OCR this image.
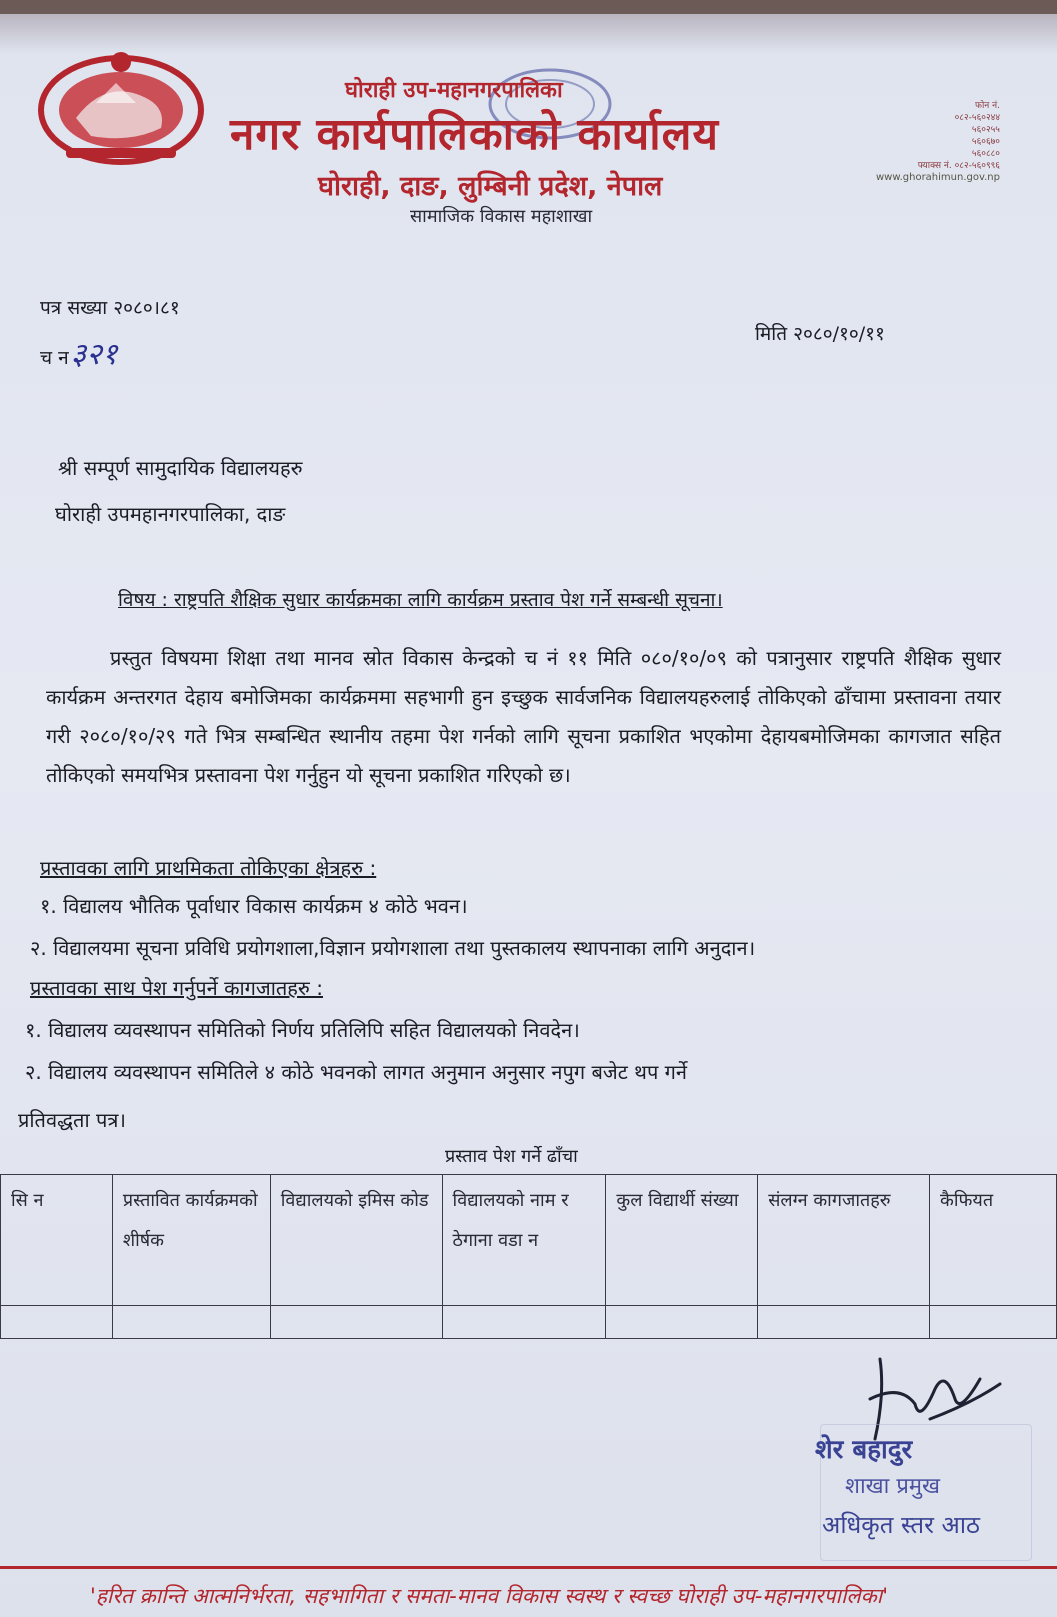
घोराही उप-महानगरपालिका
नगर कार्यपालिकाको कार्यालय
घोराही, दाङ, लुम्बिनी प्रदेश, नेपाल
सामाजिक विकास महाशाखा
फोन नं.
०८२-५६०२४४
५६०२५५
५६०६७०
५६०८८०
फ्याक्स नं. ०८२-५६०९९६
www.ghorahimun.gov.np
पत्र सख्या २०८०।८१
च न३२१
मिति २०८०/१०/११
श्री सम्पूर्ण सामुदायिक विद्यालयहरु
घोराही उपमहानगरपालिका, दाङ
विषय : राष्ट्रपति शैक्षिक सुधार कार्यक्रमका लागि कार्यक्रम प्रस्ताव पेश गर्ने सम्बन्धी सूचना।
प्रस्तुत विषयमा शिक्षा तथा मानव स्रोत विकास केन्द्रको च नं ११ मिति ०८०/१०/०९ को पत्रानुसार राष्ट्रपति शैक्षिक सुधार कार्यक्रम अन्तरगत देहाय बमोजिमका कार्यक्रममा सहभागी हुन इच्छुक सार्वजनिक विद्यालयहरुलाई तोकिएको ढाँचामा प्रस्तावना तयार गरी २०८०/१०/२९ गते भित्र सम्बन्धित स्थानीय तहमा पेश गर्नको लागि सूचना प्रकाशित भएकोमा देहायबमोजिमका कागजात सहित तोकिएको समयभित्र प्रस्तावना पेश गर्नुहुन यो सूचना प्रकाशित गरिएको छ।
प्रस्तावका लागि प्राथमिकता तोकिएका क्षेत्रहरु :
१. विद्यालय भौतिक पूर्वाधार विकास कार्यक्रम ४ कोठे भवन।
२. विद्यालयमा सूचना प्रविधि प्रयोगशाला,विज्ञान प्रयोगशाला तथा पुस्तकालय स्थापनाका लागि अनुदान।
प्रस्तावका साथ पेश गर्नुपर्ने कागजातहरु :
१. विद्यालय व्यवस्थापन समितिको निर्णय प्रतिलिपि सहित विद्यालयको निवदेन।
२. विद्यालय व्यवस्थापन समितिले ४ कोठे भवनको लागत अनुमान अनुसार नपुग बजेट थप गर्ने
प्रतिवद्धता पत्र।
प्रस्ताव पेश गर्ने ढाँचा
सि न	प्रस्तावित कार्यक्रमको शीर्षक	विद्यालयको इमिस कोड	विद्यालयको नाम र ठेगाना वडा न	कुल विद्यार्थी संख्या	संलग्न कागजातहरु	कैफियत

शेर बहादुर
शाखा प्रमुख
अधिकृत स्तर आठ
'हरित क्रान्ति आत्मनिर्भरता, सहभागिता र समता-मानव विकास स्वस्थ र स्वच्छ घोराही उप-महानगरपालिका'
